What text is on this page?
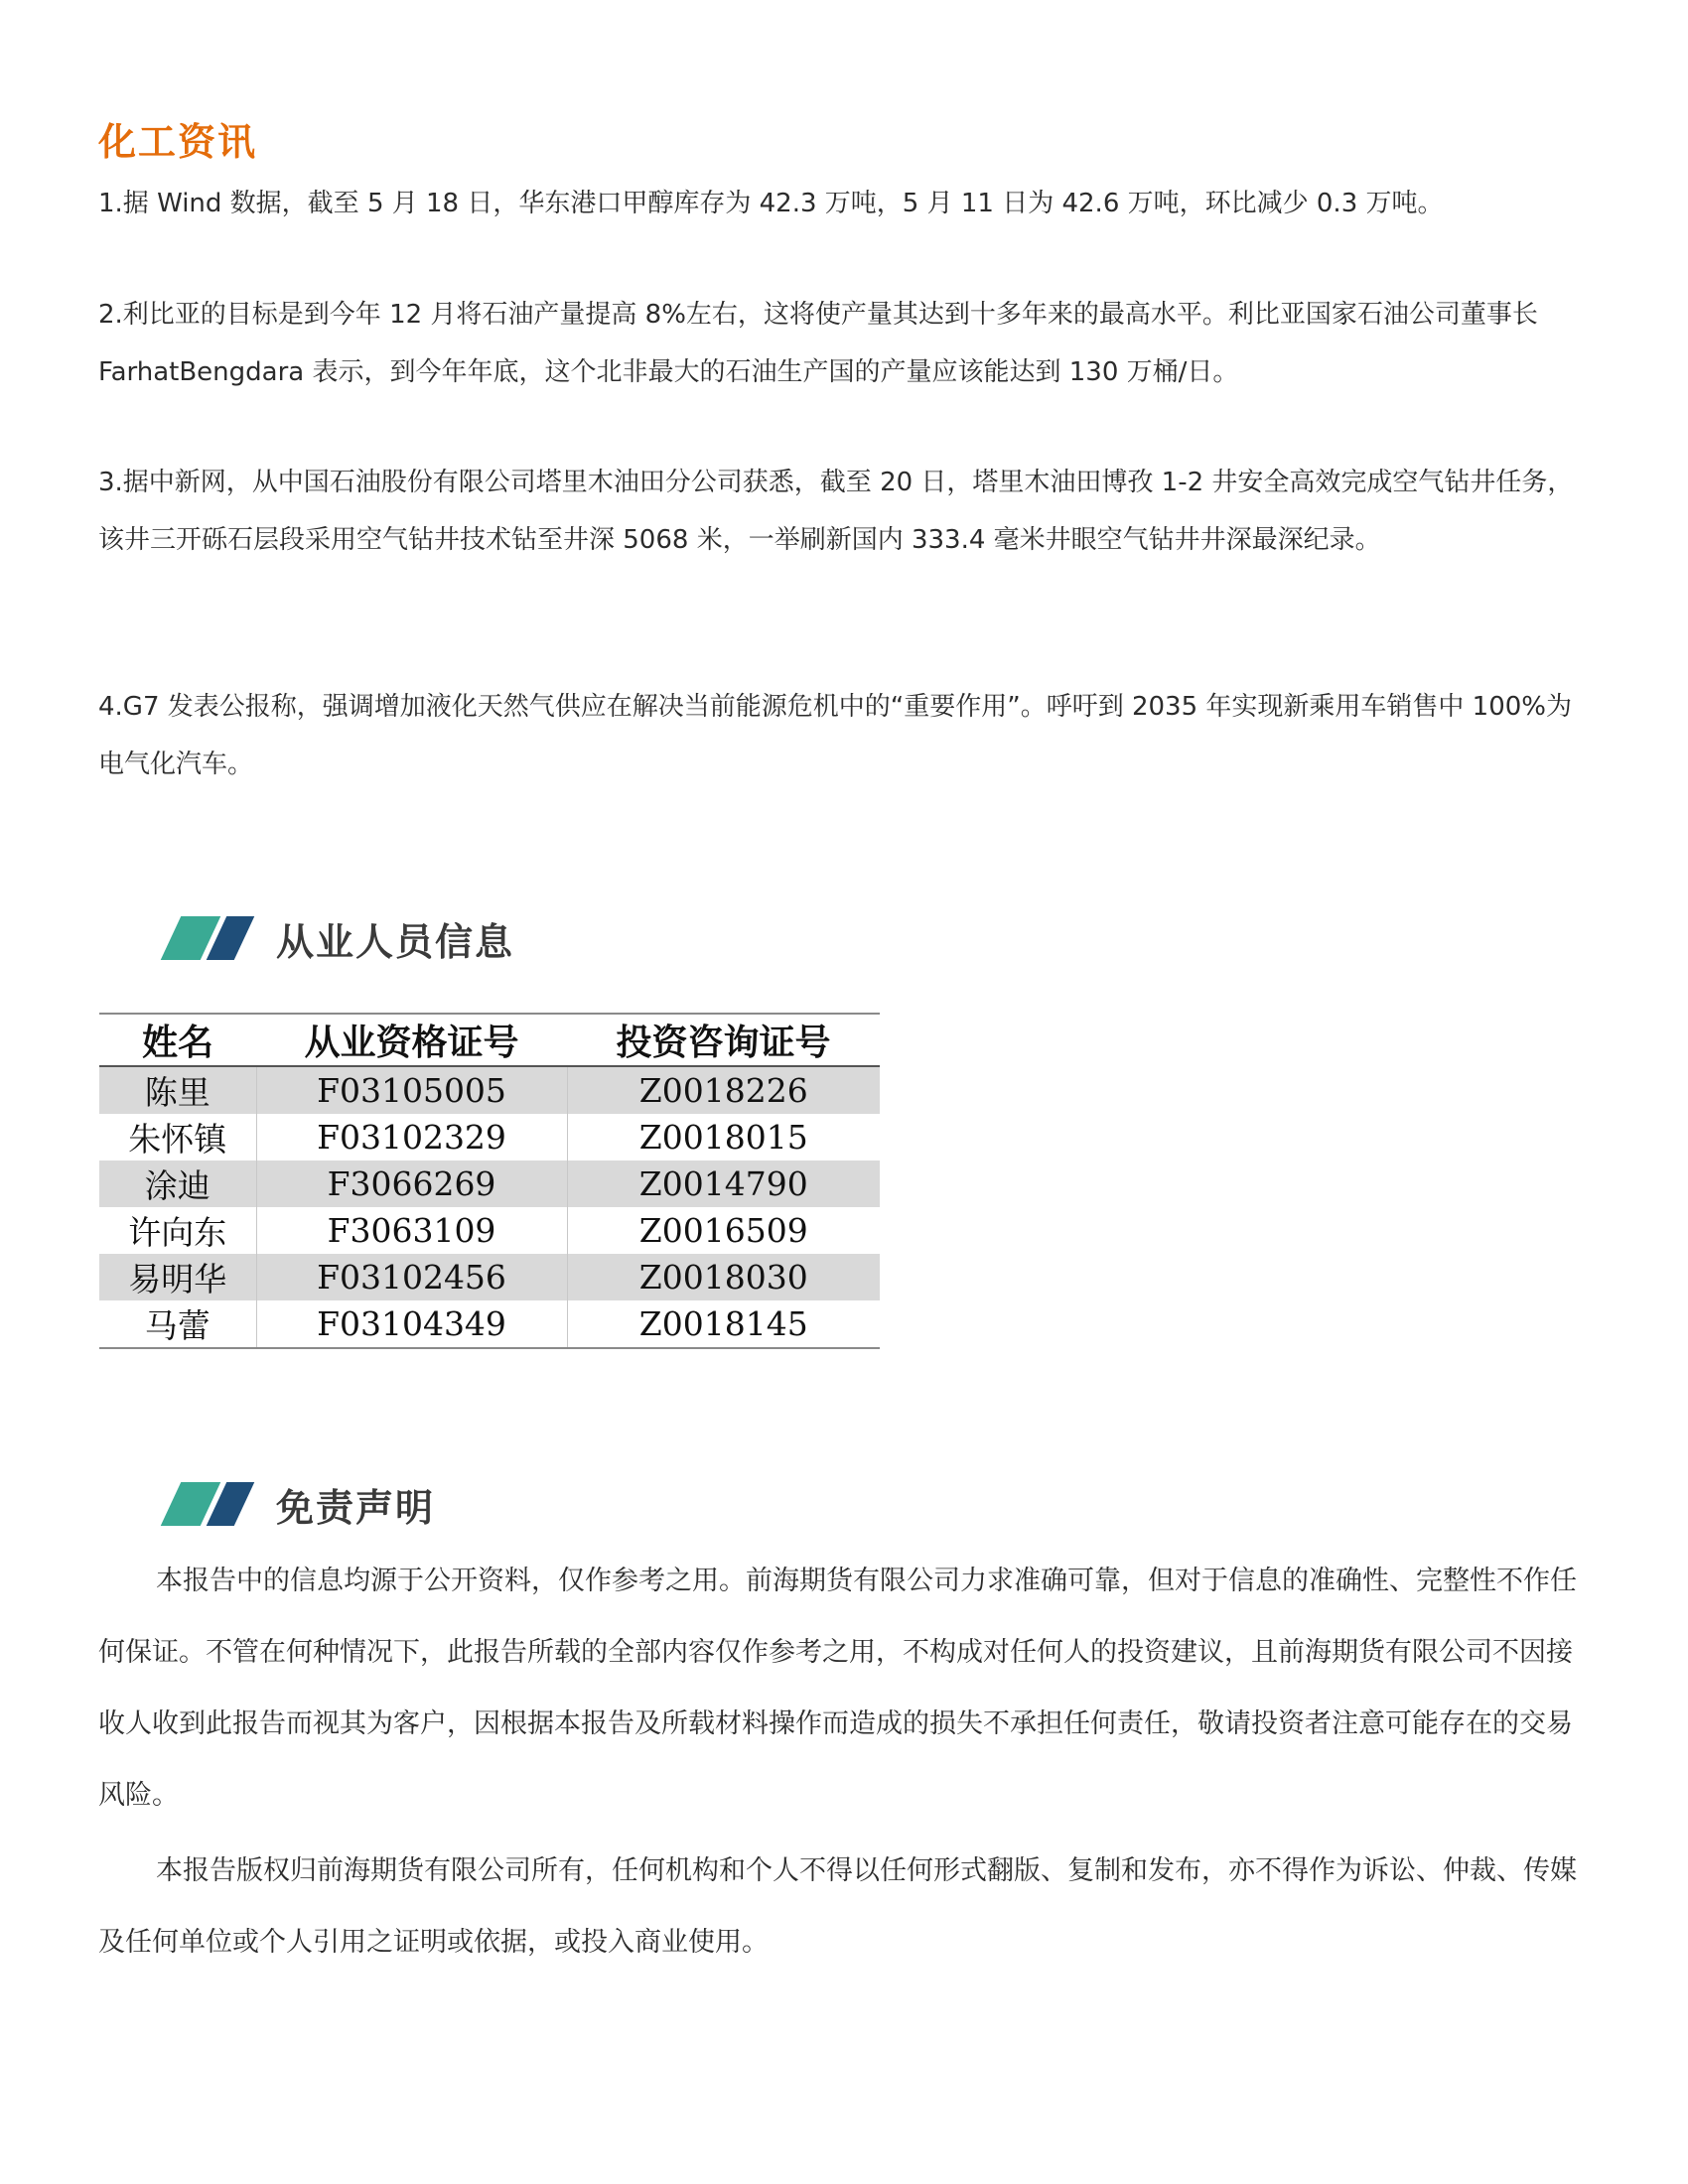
化工资讯
1.据 Wind 数据，截至 5 月 18 日，华东港口甲醇库存为 42.3 万吨，5 月 11 日为 42.6 万吨，环比减少 0.3 万吨。
2.利比亚的目标是到今年 12 月将石油产量提高 8%左右，这将使产量其达到十多年来的最高水平。利比亚国家石油公司董事长 FarhatBengdara 表示，到今年年底，这个北非最大的石油生产国的产量应该能达到 130 万桶/日。
3.据中新网，从中国石油股份有限公司塔里木油田分公司获悉，截至 20 日，塔里木油田博孜 1-2 井安全高效完成空气钻井任务，该井三开砾石层段采用空气钻井技术钻至井深 5068 米，一举刷新国内 333.4 毫米井眼空气钻井井深最深纪录。
4.G7 发表公报称，强调增加液化天然气供应在解决当前能源危机中的“重要作用”。呼吁到 2035 年实现新乘用车销售中 100%为电气化汽车。
从业人员信息
姓名	从业资格证号	投资咨询证号
陈里	F03105005	Z0018226
朱怀镇	F03102329	Z0018015
涂迪	F3066269	Z0014790
许向东	F3063109	Z0016509
易明华	F03102456	Z0018030
马蕾	F03104349	Z0018145
免责声明
本报告中的信息均源于公开资料，仅作参考之用。前海期货有限公司力求准确可靠，但对于信息的准确性、完整性不作任何保证。不管在何种情况下，此报告所载的全部内容仅作参考之用，不构成对任何人的投资建议，且前海期货有限公司不因接收人收到此报告而视其为客户，因根据本报告及所载材料操作而造成的损失不承担任何责任，敬请投资者注意可能存在的交易风险。
本报告版权归前海期货有限公司所有，任何机构和个人不得以任何形式翻版、复制和发布，亦不得作为诉讼、仲裁、传媒及任何单位或个人引用之证明或依据，或投入商业使用。
